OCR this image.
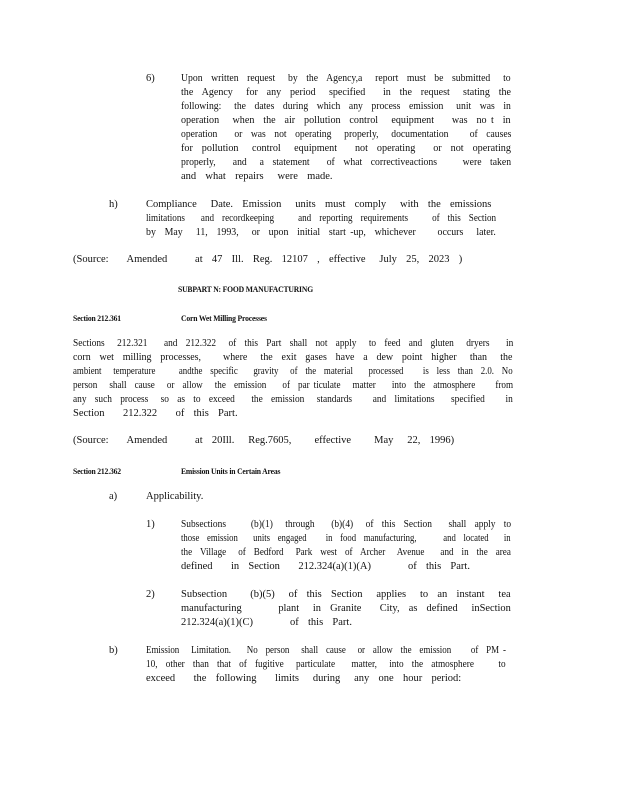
6)	Upon  written  request   by  the  Agency,a   report  must  be  submitted   to
the  Agency   for  any  period   specified    in  the  request   stating  the
following:   the  dates  during  which  any  process  emission   unit  was  in
operation   when  the  air  pollution  control   equipment    was  no t  in
operation    or  was  not  operating   properly,   documentation     of  causes
for  pollution   control   equipment    not  operating    or  not  operating
properly,    and   a  statement    of  what  correctiveactions      were  taken
and  what  repairs   were  made.
h)	Compliance   Date.  Emission   units  must  comply   with  the  emissions
limitations    and  recordkeeping      and  reporting  requirements      of  this  Section
by  May   11,  1993,   or  upon  initial  start -up,  whichever     occurs   later.
(Source:    Amended      at  47  Ill.  Reg.  12107  ,  effective   July  25,  2023  )
SUBPART N: FOOD MANUFACTURING
Section 212.361	Corn Wet Milling Processes
Sections   212.321    and  212.322   of  this  Part  shall  not  apply   to  feed  and  gluten   dryers    in
corn  wet  milling  processes,     where   the  exit  gases  have  a  dew  point  higher   than   the
ambient   temperature      andthe  specific    gravity   of  the  material    processed     is  less  than  2.0.  No
person   shall  cause   or  allow   the  emission    of  par ticulate   matter    into  the  atmosphere     from
any  such  process   so  as  to  exceed    the  emission   standards     and  limitations    specified     in
Section    212.322    of  this  Part.
(Source:    Amended      at  20Ill.   Reg.7605,     effective     May   22,  1996)
Section 212.362	Emission Units in Certain Areas
a)	Applicability.
1)	Subsections      (b)(1)   through    (b)(4)   of  this  Section    shall  apply  to
those  emission    units  engaged     in  food  manufacturing,       and  located    in
the  Village   of  Bedford   Park  west  of  Archer   Avenue    and  in  the  area
defined    in  Section    212.324(a)(1)(A)        of  this  Part.
2)	Subsection     (b)(5)   of  this  Section   applies   to  an  instant   tea
manufacturing        plant   in  Granite    City,  as  defined   inSection
212.324(a)(1)(C)        of  this  Part.
b)	Emission   Limitation.    No  person   shall  cause   or  allow  the  emission     of  PM -
10,  other  than  that  of  fugitive   particulate    matter,   into  the  atmosphere      to
exceed    the  following    limits   during   any  one  hour  period:
